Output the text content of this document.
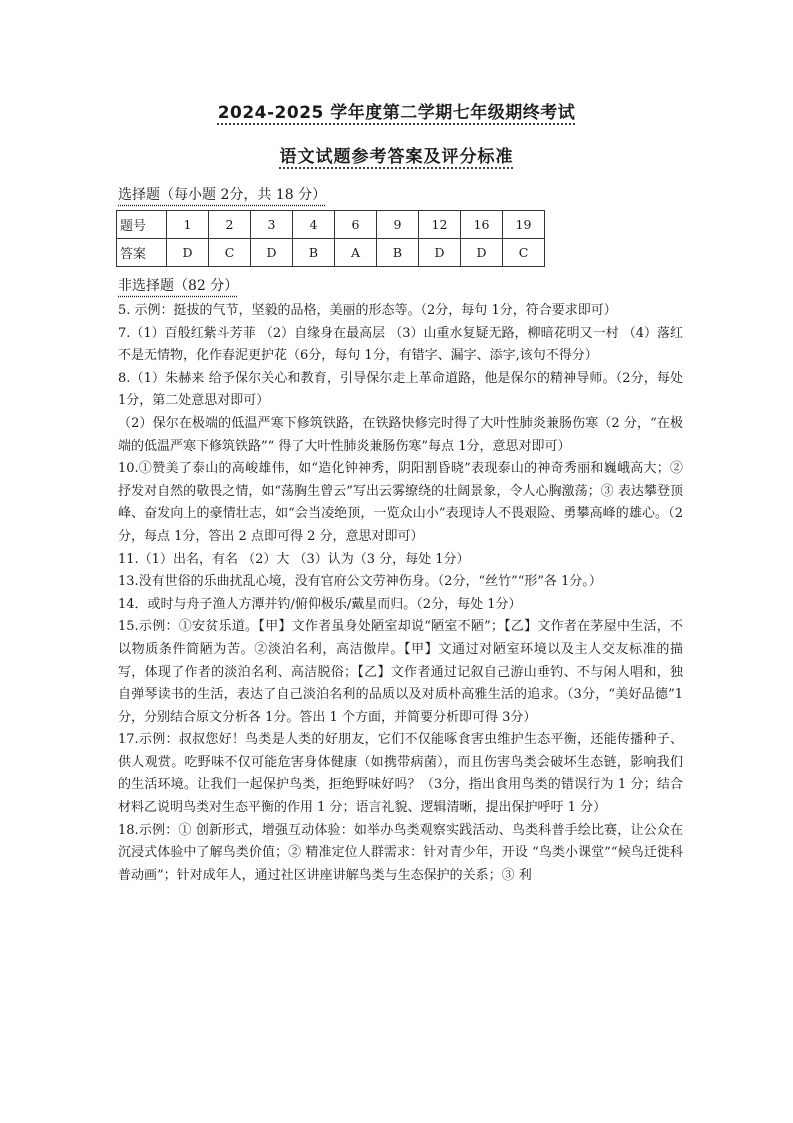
2024-2025 学年度第二学期七年级期终考试
语文试题参考答案及评分标准
选择题（每小题 2分，共 18 分）
题号	1	2	3	4	6	9	12	16	19
答案	D	C	D	B	A	B	D	D	C
非选择题（82 分）

5. 示例：挺拔的气节，坚毅的品格，美丽的形态等。（2分，每句 1分，符合要求即可）

7.（1）百般红紫斗芳菲 （2）自缘身在最高层 （3）山重水复疑无路，柳暗花明又一村 （4）落红不是无情物，化作春泥更护花（6分，每句 1分，有错字、漏字、添字,该句不得分）

8.（1）朱赫来 给予保尔关心和教育，引导保尔走上革命道路，他是保尔的精神导师。（2分，每处 1分，第二处意思对即可）

（2）保尔在极端的低温严寒下修筑铁路，在铁路快修完时得了大叶性肺炎兼肠伤寒（2 分，“在极端的低温严寒下修筑铁路”“ 得了大叶性肺炎兼肠伤寒”每点 1分，意思对即可）

10.①赞美了泰山的高峻雄伟，如“造化钟神秀，阴阳割昏晓”表现泰山的神奇秀丽和巍峨高大；②抒发对自然的敬畏之情，如“荡胸生曾云”写出云雾缭绕的壮阔景象，令人心胸激荡；③ 表达攀登顶峰、奋发向上的豪情壮志，如“会当凌绝顶，一览众山小”表现诗人不畏艰险、勇攀高峰的雄心。（2分，每点 1分，答出 2 点即可得 2 分，意思对即可）

11.（1）出名，有名 （2）大 （3）认为（3 分，每处 1分）

13.没有世俗的乐曲扰乱心境，没有官府公文劳神伤身。（2分，“丝竹”“形”各 1分。）

14．或时与舟子渔人方潭并钓/俯仰极乐/戴星而归。（2分，每处 1分）

15.示例：①安贫乐道。【甲】文作者虽身处陋室却说“陋室不陋”；【乙】文作者在茅屋中生活，不以物质条件简陋为苦。②淡泊名利，高洁傲岸。【甲】文通过对陋室环境以及主人交友标准的描写，体现了作者的淡泊名利、高洁脱俗；【乙】文作者通过记叙自己游山垂钓、不与闲人唱和，独自弹琴读书的生活，表达了自己淡泊名利的品质以及对质朴高雅生活的追求。（3分，“美好品德”1分，分别结合原文分析各 1分。答出 1 个方面，并简要分析即可得 3分）

17.示例：叔叔您好！鸟类是人类的好朋友，它们不仅能啄食害虫维护生态平衡，还能传播种子、供人观赏。吃野味不仅可能危害身体健康（如携带病菌），而且伤害鸟类会破坏生态链，影响我们的生活环境。让我们一起保护鸟类，拒绝野味好吗？（3分，指出食用鸟类的错误行为 1 分；结合材料乙说明鸟类对生态平衡的作用 1 分；语言礼貌、逻辑清晰，提出保护呼吁 1 分）

18.示例：① 创新形式，增强互动体验：如举办鸟类观察实践活动、鸟类科普手绘比赛，让公众在沉浸式体验中了解鸟类价值；② 精准定位人群需求：针对青少年，开设 “鸟类小课堂”“候鸟迁徙科普动画”；针对成年人，通过社区讲座讲解鸟类与生态保护的关系；③ 利
